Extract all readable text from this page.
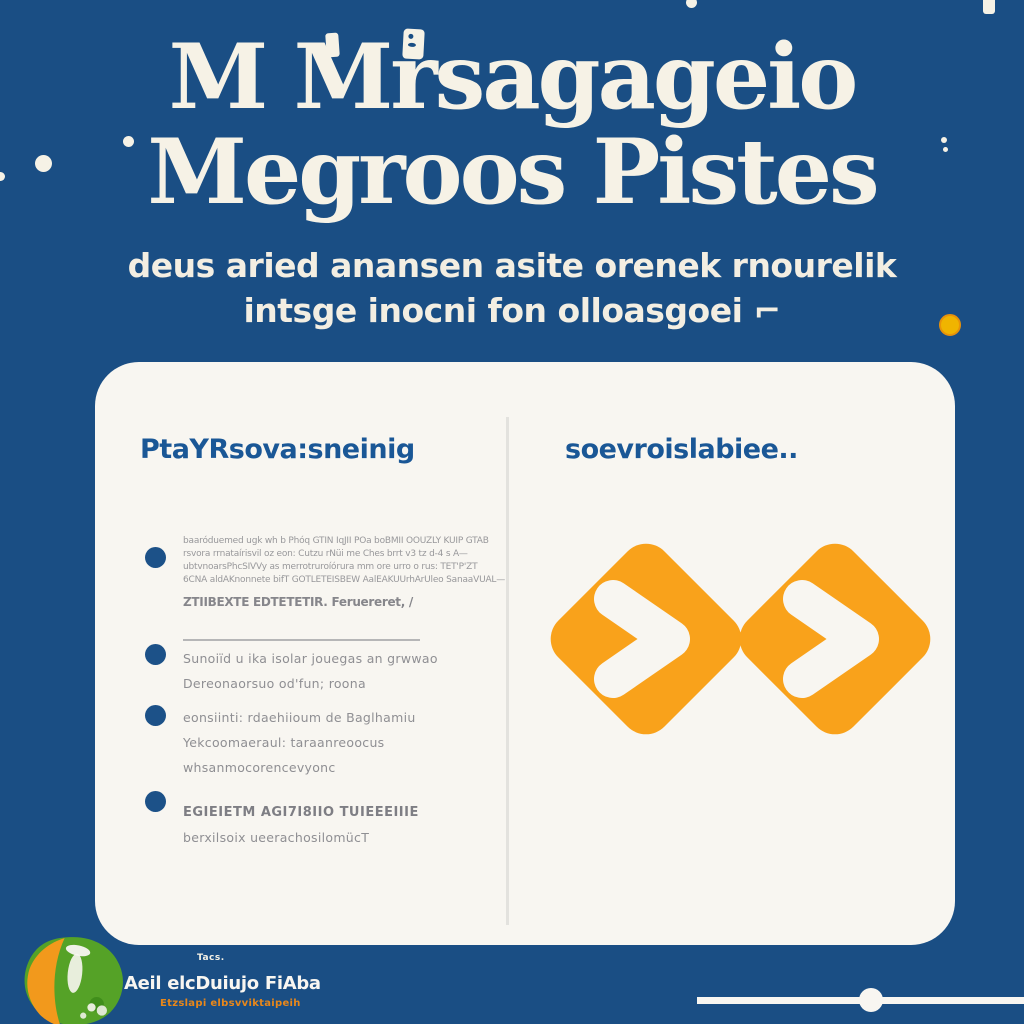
M Mrsagageio
Megroos Pistes
deus aried anansen asite orenek rnourelik
intsge inocni fon olloasgoei ⌐
PtaYRsova:sneinig	soevroislabiee..
baaróduemed ugk wh b Phóq GTIN IqJII POa boBMII OOUZLY KUIP GTAB
rsvora rrnataírisvil oz eon: Cutzu rNüi me Ches brrt v3 tz d-4 s A—
ubtvnoarsPhcSIVVy as merrotruroíórura mm ore urro o rus: TET'P'ZT
6CNA aldAKnonnete bifT GOTLETEISBEW AalEAKUUrhArUleo SanaaVUAL—
ZTIIBEXTE EDTETETIR. Feruereret, /
Sunoiïd u ika isolar jouegas an grwwao
Dereonaorsuo od'fun; roona
eonsiinti: rdaehiioum de Baglhamiu
Yekcoomaeraul: taraanreoocus
whsanmocorencevyonc
EGIEIETM AGI7I8IIO TUIEEEIIIE
berxilsoix ueerachosilomücT
Tacs.
Aeil elcDuiujo FiAba
Etzslapi elbsvviktaipeih
